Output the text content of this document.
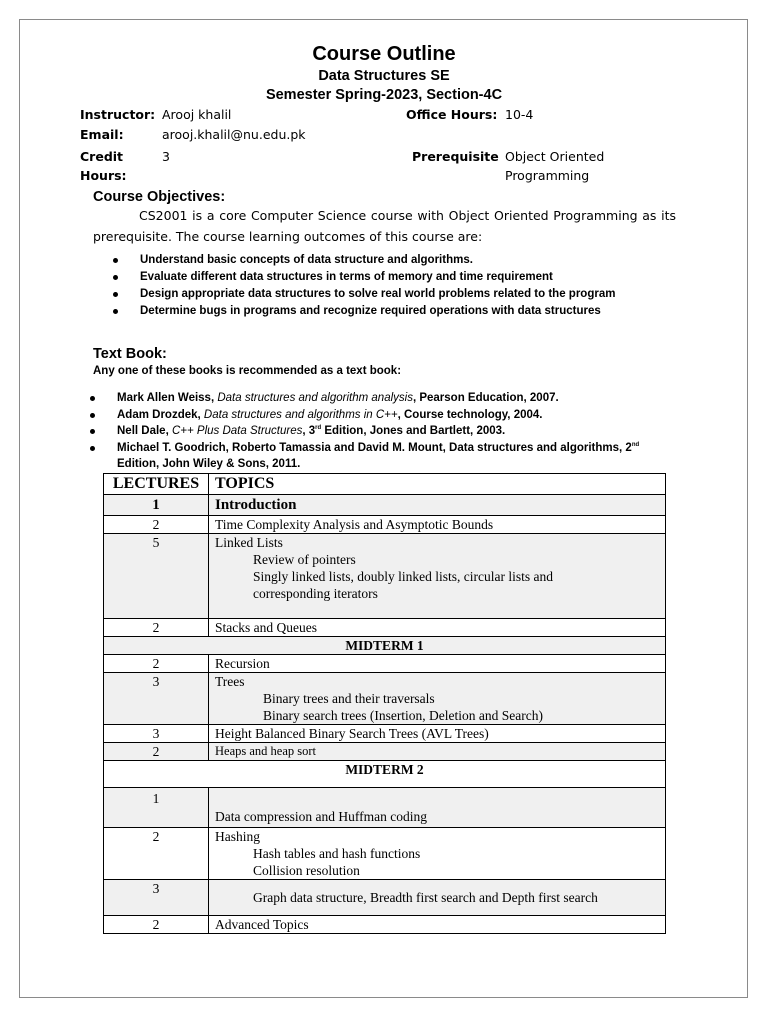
Course Outline
Data Structures SE
Semester Spring-2023, Section-4C
Instructor: Arooj khalil	Office Hours: 10-4
Email:	arooj.khalil@nu.edu.pk
Credit
Hours:
3	Prerequisite Object Oriented
Programming
Course Objectives:

CS2001 is a core Computer Science course with Object Oriented Programming as its prerequisite. The course learning outcomes of this course are:

Understand basic concepts of data structure and algorithms.
Evaluate different data structures in terms of memory and time requirement
Design appropriate data structures to solve real world problems related to the program
Determine bugs in programs and recognize required operations with data structures
Text Book:
Any one of these books is recommended as a text book:
Mark Allen Weiss, Data structures and algorithm analysis, Pearson Education, 2007.
Adam Drozdek, Data structures and algorithms in C++, Course technology, 2004.
Nell Dale, C++ Plus Data Structures, 3rd Edition, Jones and Bartlett, 2003.
Michael T. Goodrich, Roberto Tamassia and David M. Mount, Data structures and algorithms, 2nd Edition, John Wiley & Sons, 2011.
LECTURES	TOPICS
1	Introduction
2	Time Complexity Analysis and Asymptotic Bounds
5	Linked Lists
Review of pointers
Singly linked lists, doubly linked lists, circular lists and
corresponding iterators

2	Stacks and Queues
MIDTERM 1	
2	Recursion
3	Trees
Binary trees and their traversals
Binary search trees (Insertion, Deletion and Search)

3	Height Balanced Binary Search Trees (AVL Trees)
2	Heaps and heap sort
MIDTERM 2	
1	Data compression and Huffman coding
2	Hashing
Hash tables and hash functions
Collision resolution

3	Graph data structure, Breadth first search and Depth first search

2	Advanced Topics
